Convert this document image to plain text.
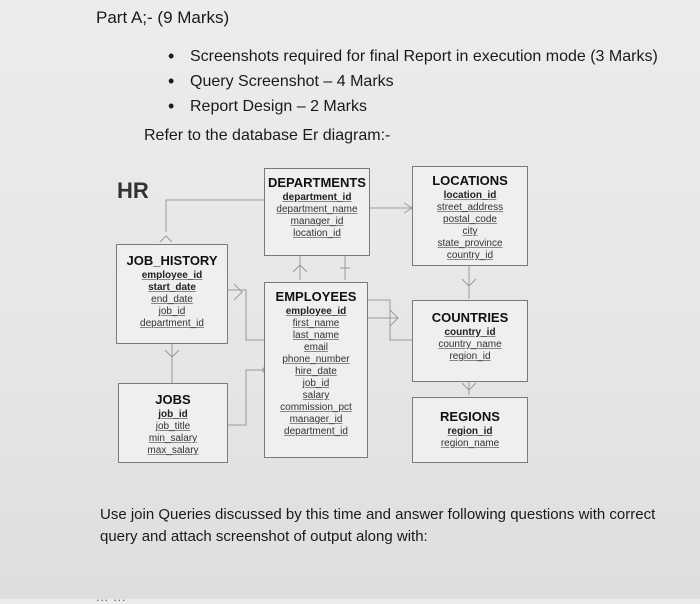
Part A;- (9 Marks)
• Screenshots required for final Report in execution mode (3 Marks)
• Query Screenshot – 4 Marks
• Report Design – 2 Marks
Refer to the database Er diagram:-
HR	DEPARTMENTS
department_id
department_name
manager_id
location_id
LOCATIONS
location_id
street_address
postal_code
city
state_province
country_id
JOB_HISTORY
employee_id
start_date
end_date
job_id
department_id
EMPLOYEES
employee_id
first_name
last_name
email
phone_number
hire_date
job_id
salary
commission_pct
manager_id
department_id
COUNTRIES
country_id
country_name
region_id
JOBS
job_id
job_title
min_salary
max_salary
REGIONS
region_id
region_name
Use join Queries discussed by this time and answer following questions with correct query and attach screenshot of output along with:
... ...
